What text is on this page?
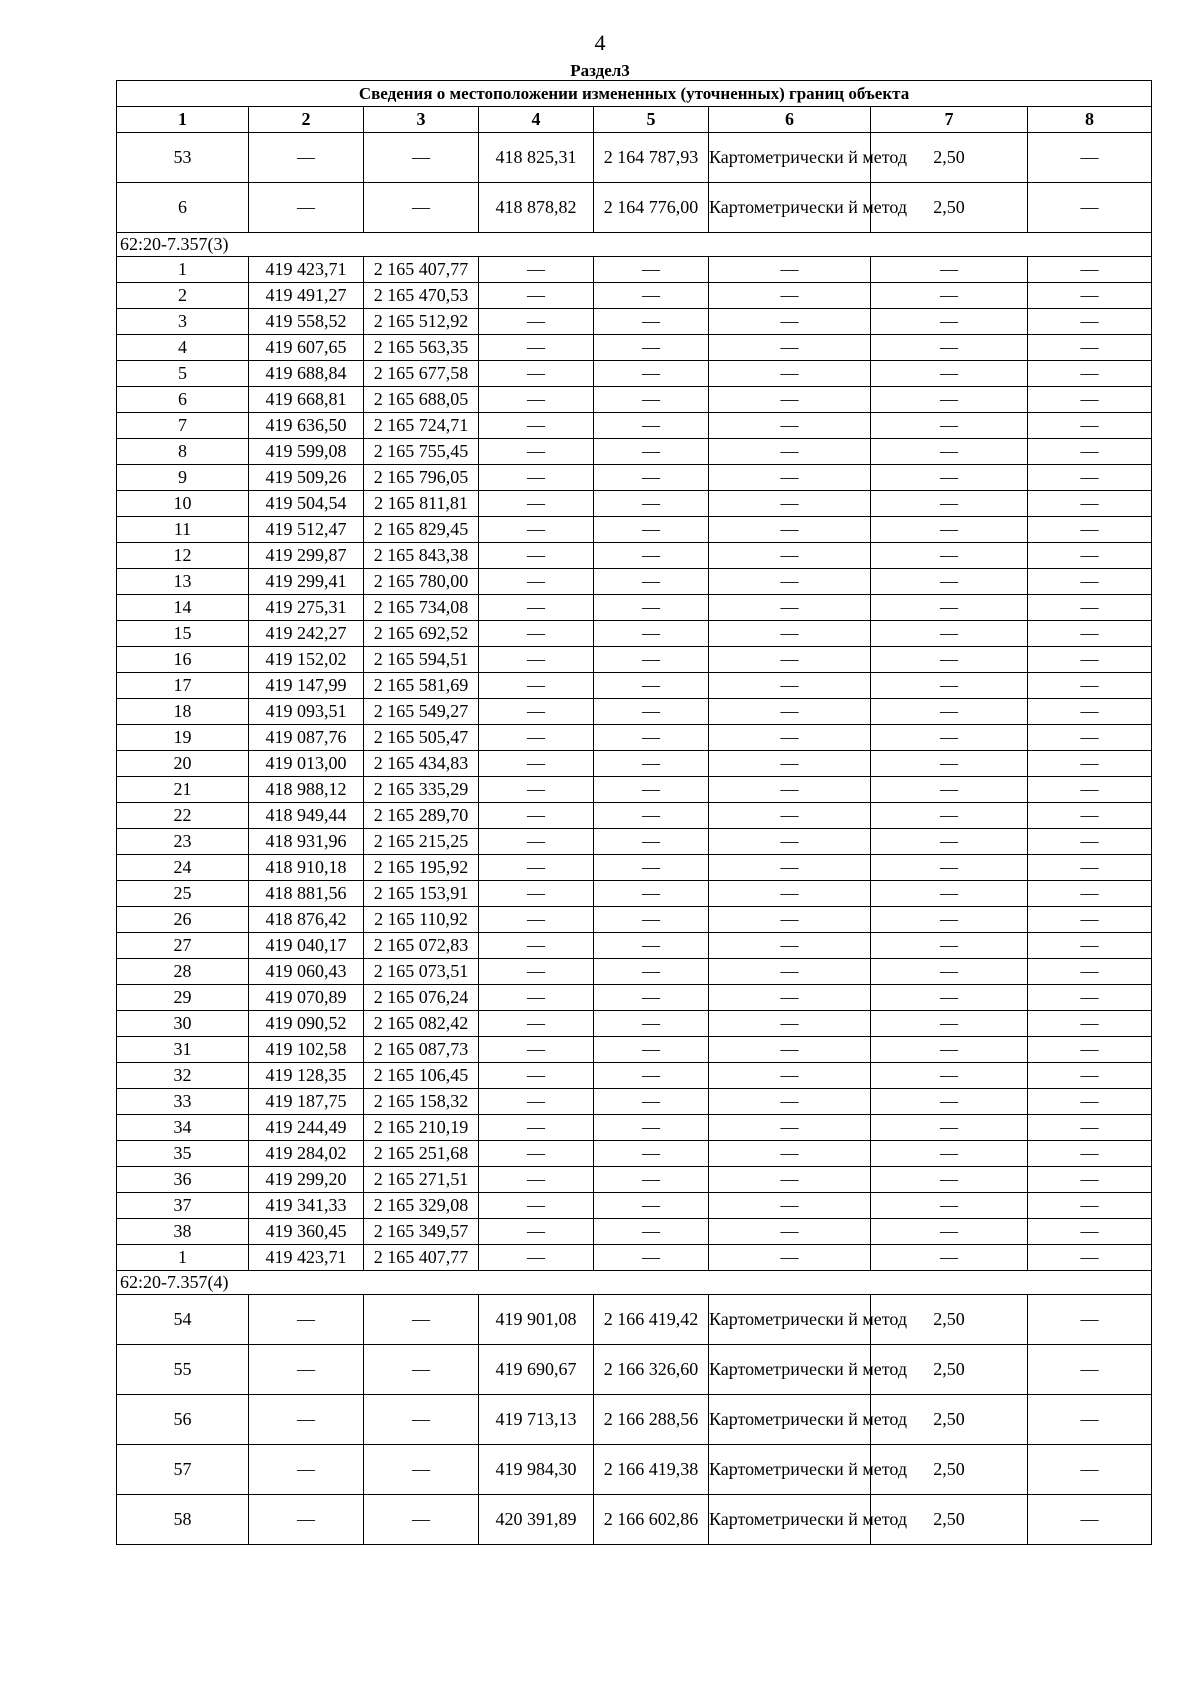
4
Раздел3
Сведения о местоположении измененных (уточненных) границ объекта							
1	2	3	4	5	6	7	8
53	—	—	418 825,31	2 164 787,93	Картометрически й метод	2,50	—
6	—	—	418 878,82	2 164 776,00	Картометрически й метод	2,50	—
62:20-7.357(3)							
1	419 423,71	2 165 407,77	—	—	—	—	—
2	419 491,27	2 165 470,53	—	—	—	—	—
3	419 558,52	2 165 512,92	—	—	—	—	—
4	419 607,65	2 165 563,35	—	—	—	—	—
5	419 688,84	2 165 677,58	—	—	—	—	—
6	419 668,81	2 165 688,05	—	—	—	—	—
7	419 636,50	2 165 724,71	—	—	—	—	—
8	419 599,08	2 165 755,45	—	—	—	—	—
9	419 509,26	2 165 796,05	—	—	—	—	—
10	419 504,54	2 165 811,81	—	—	—	—	—
11	419 512,47	2 165 829,45	—	—	—	—	—
12	419 299,87	2 165 843,38	—	—	—	—	—
13	419 299,41	2 165 780,00	—	—	—	—	—
14	419 275,31	2 165 734,08	—	—	—	—	—
15	419 242,27	2 165 692,52	—	—	—	—	—
16	419 152,02	2 165 594,51	—	—	—	—	—
17	419 147,99	2 165 581,69	—	—	—	—	—
18	419 093,51	2 165 549,27	—	—	—	—	—
19	419 087,76	2 165 505,47	—	—	—	—	—
20	419 013,00	2 165 434,83	—	—	—	—	—
21	418 988,12	2 165 335,29	—	—	—	—	—
22	418 949,44	2 165 289,70	—	—	—	—	—
23	418 931,96	2 165 215,25	—	—	—	—	—
24	418 910,18	2 165 195,92	—	—	—	—	—
25	418 881,56	2 165 153,91	—	—	—	—	—
26	418 876,42	2 165 110,92	—	—	—	—	—
27	419 040,17	2 165 072,83	—	—	—	—	—
28	419 060,43	2 165 073,51	—	—	—	—	—
29	419 070,89	2 165 076,24	—	—	—	—	—
30	419 090,52	2 165 082,42	—	—	—	—	—
31	419 102,58	2 165 087,73	—	—	—	—	—
32	419 128,35	2 165 106,45	—	—	—	—	—
33	419 187,75	2 165 158,32	—	—	—	—	—
34	419 244,49	2 165 210,19	—	—	—	—	—
35	419 284,02	2 165 251,68	—	—	—	—	—
36	419 299,20	2 165 271,51	—	—	—	—	—
37	419 341,33	2 165 329,08	—	—	—	—	—
38	419 360,45	2 165 349,57	—	—	—	—	—
1	419 423,71	2 165 407,77	—	—	—	—	—
62:20-7.357(4)							
54	—	—	419 901,08	2 166 419,42	Картометрически й метод	2,50	—
55	—	—	419 690,67	2 166 326,60	Картометрически й метод	2,50	—
56	—	—	419 713,13	2 166 288,56	Картометрически й метод	2,50	—
57	—	—	419 984,30	2 166 419,38	Картометрически й метод	2,50	—
58	—	—	420 391,89	2 166 602,86	Картометрически й метод	2,50	—
